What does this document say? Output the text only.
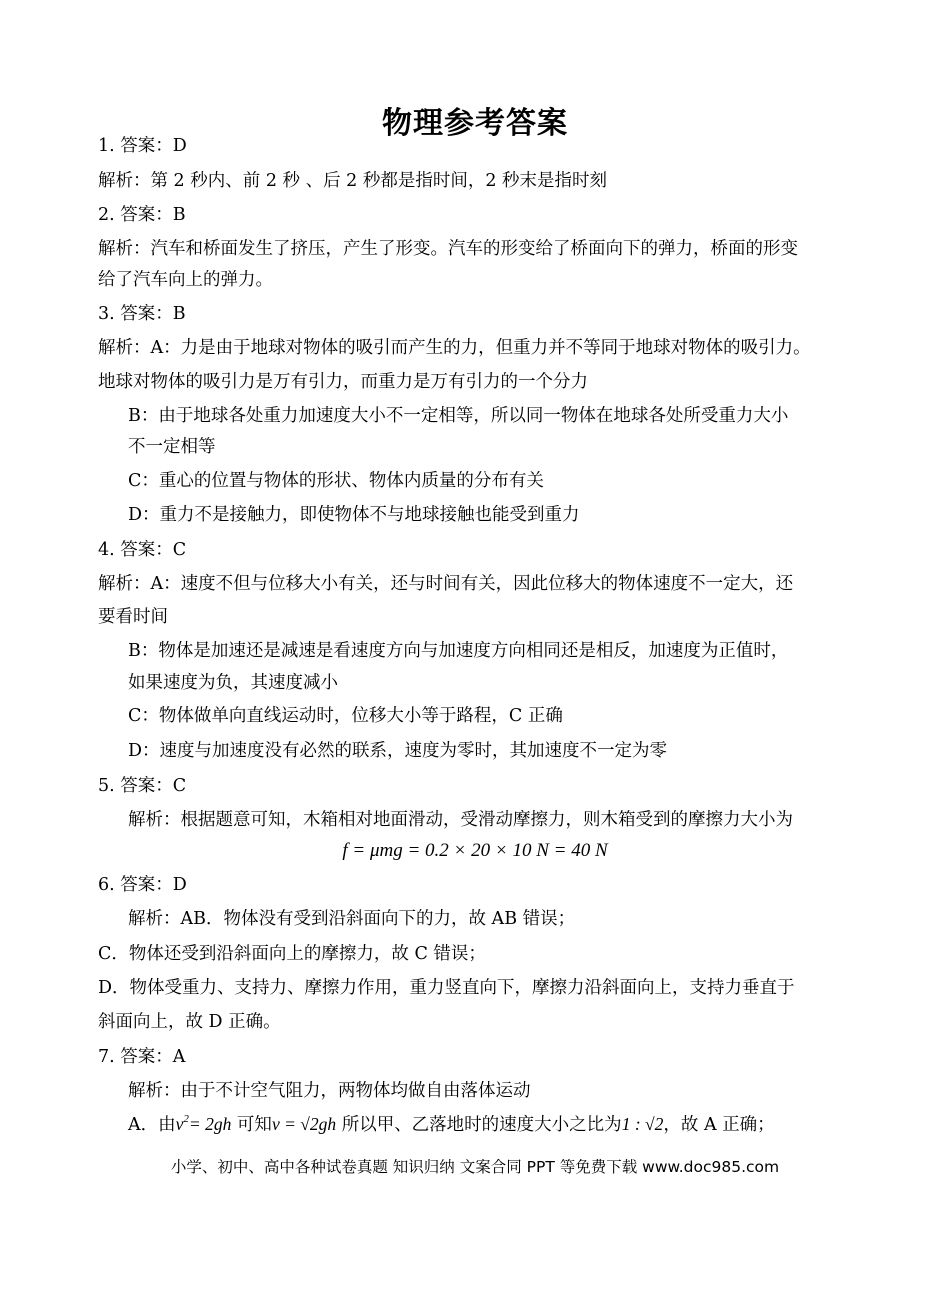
物理参考答案
1. 答案：D
解析：第 2 秒内、前 2 秒 、后 2 秒都是指时间，2 秒末是指时刻
2. 答案：B
解析：汽车和桥面发生了挤压，产生了形变。汽车的形变给了桥面向下的弹力，桥面的形变
给了汽车向上的弹力。
3. 答案：B
解析：A：力是由于地球对物体的吸引而产生的力，但重力并不等同于地球对物体的吸引力。
地球对物体的吸引力是万有引力，而重力是万有引力的一个分力
B：由于地球各处重力加速度大小不一定相等，所以同一物体在地球各处所受重力大小
不一定相等
C：重心的位置与物体的形状、物体内质量的分布有关
D：重力不是接触力，即使物体不与地球接触也能受到重力
4. 答案：C
解析：A：速度不但与位移大小有关，还与时间有关，因此位移大的物体速度不一定大，还
要看时间
B：物体是加速还是减速是看速度方向与加速度方向相同还是相反，加速度为正值时，
如果速度为负，其速度减小
C：物体做单向直线运动时，位移大小等于路程，C 正确
D：速度与加速度没有必然的联系，速度为零时，其加速度不一定为零
5. 答案：C
解析：根据题意可知，木箱相对地面滑动，受滑动摩擦力，则木箱受到的摩擦力大小为
6. 答案：D
解析：AB．物体没有受到沿斜面向下的力，故 AB 错误；
C．物体还受到沿斜面向上的摩擦力，故 C 错误；
D．物体受重力、支持力、摩擦力作用，重力竖直向下，摩擦力沿斜面向上，支持力垂直于
斜面向上，故 D 正确。
7. 答案：A
解析：由于不计空气阻力，两物体均做自由落体运动
f = μmg = 0.2 × 20 × 10 N = 40 N
A．由$v^2= 2gh$ 可知v = √2gh 所以甲、乙落地时的速度大小之比为1 : √2，故 A 正确；
小学、初中、高中各种试卷真题 知识归纳 文案合同 PPT 等免费下载 www.doc985.com
